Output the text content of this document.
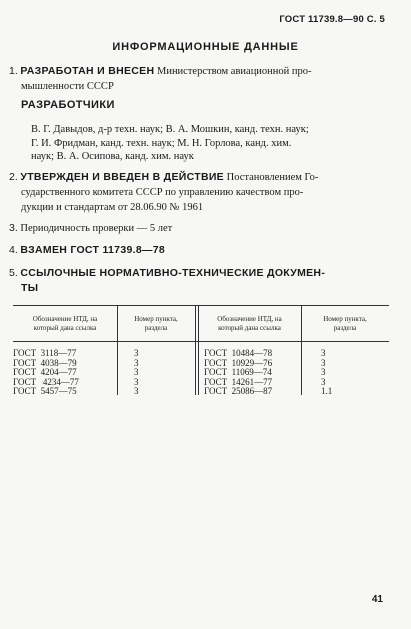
ГОСТ 11739.8—90 С. 5
ИНФОРМАЦИОННЫЕ ДАННЫЕ
1. РАЗРАБОТАН И ВНЕСЕН Министерством авиационной про-
мышленности СССР
РАЗРАБОТЧИКИ
В. Г. Давыдов, д-р техн. наук; В. А. Мошкин, канд. техн. наук;
Г. И. Фридман, канд. техн. наук; М. Н. Горлова, канд. хим.
наук; В. А. Осипова, канд. хим. наук
2. УТВЕРЖДЕН И ВВЕДЕН В ДЕЙСТВИЕ Постановлением Го-
сударственного комитета СССР по управлению качеством про-
дукции и стандартам от 28.06.90 № 1961
3. Периодичность проверки — 5 лет
4. ВЗАМЕН ГОСТ 11739.8—78
5. ССЫЛОЧНЫЕ НОРМАТИВНО-ТЕХНИЧЕСКИЕ ДОКУМЕН-
ТЫ
Обозначение НТД, на
который дана ссылка
Номер пункта,
раздела
Обозначение НТД, на
который дана ссылка
Номер пункта,
раздела
ГОСТ  3118—77
ГОСТ  4038—79
ГОСТ  4204—77
ГОСТ   4234—77
ГОСТ  5457—75
3
3
3
3
3
ГОСТ  10484—78
ГОСТ  10929—76
ГОСТ  11069—74
ГОСТ  14261—77
ГОСТ  25086—87
3
3
3
3
1.1
41
